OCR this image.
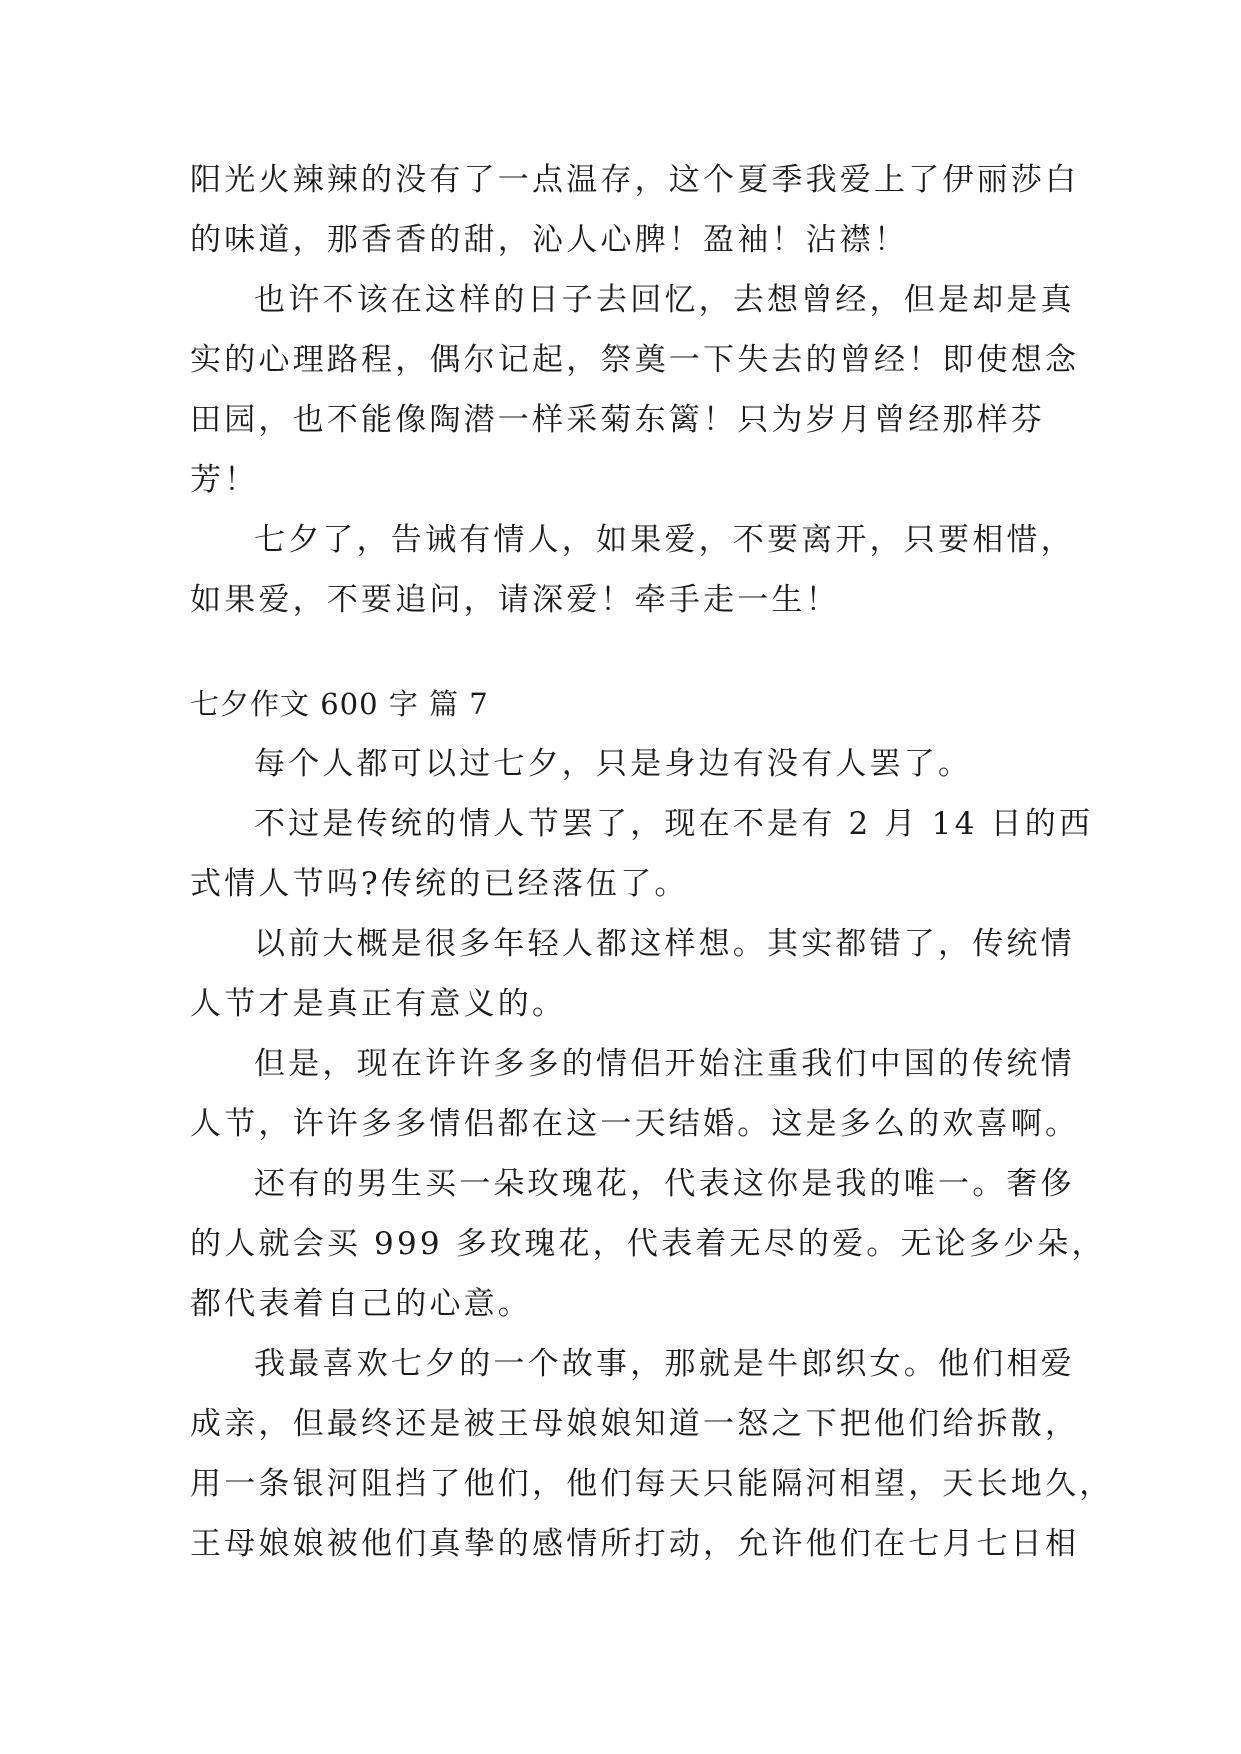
阳光火辣辣的没有了一点温存，这个夏季我爱上了伊丽莎白
的味道，那香香的甜，沁人心脾！盈袖！沾襟！
也许不该在这样的日子去回忆，去想曾经，但是却是真
实的心理路程，偶尔记起，祭奠一下失去的曾经！即使想念
田园，也不能像陶潜一样采菊东篱！只为岁月曾经那样芬
芳！
七夕了，告诫有情人，如果爱，不要离开，只要相惜，
如果爱，不要追问，请深爱！牵手走一生！
七夕作文 600 字 篇 7
每个人都可以过七夕，只是身边有没有人罢了。
不过是传统的情人节罢了，现在不是有 2 月 14 日的西
式情人节吗?传统的已经落伍了。
以前大概是很多年轻人都这样想。其实都错了，传统情
人节才是真正有意义的。
但是，现在许许多多的情侣开始注重我们中国的传统情
人节，许许多多情侣都在这一天结婚。这是多么的欢喜啊。
还有的男生买一朵玫瑰花，代表这你是我的唯一。奢侈
的人就会买 999 多玫瑰花，代表着无尽的爱。无论多少朵，
都代表着自己的心意。
我最喜欢七夕的一个故事，那就是牛郎织女。他们相爱
成亲，但最终还是被王母娘娘知道一怒之下把他们给拆散，
用一条银河阻挡了他们，他们每天只能隔河相望，天长地久，
王母娘娘被他们真挚的感情所打动，允许他们在七月七日相
